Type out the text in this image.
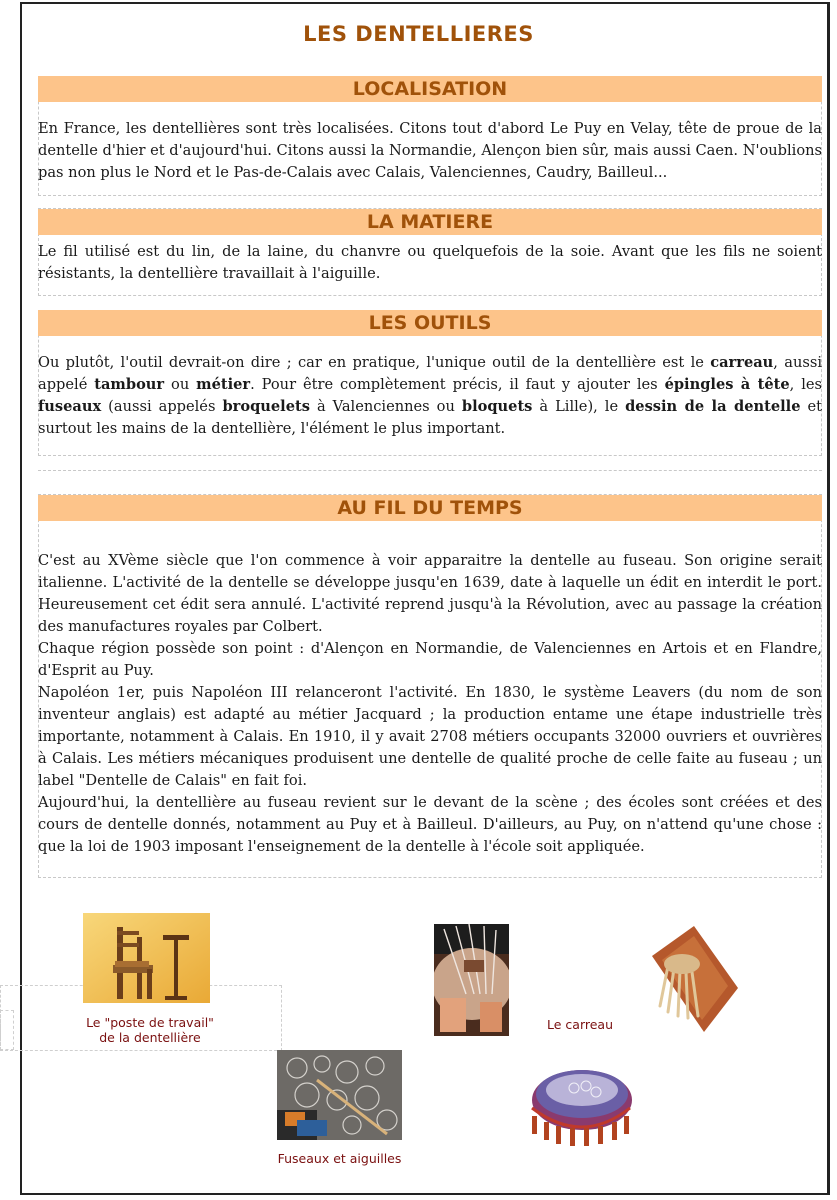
LES DENTELLIERES
LOCALISATION
En France, les dentellières sont très localisées. Citons tout d'abord Le Puy en Velay, tête de proue de la dentelle d'hier et d'aujourd'hui. Citons aussi la Normandie, Alençon bien sûr, mais aussi Caen. N'oublions pas non plus le Nord et le Pas-de-Calais avec Calais, Valenciennes, Caudry, Bailleul...
LA MATIERE
Le fil utilisé est du lin, de la laine, du chanvre ou quelquefois de la soie. Avant que les fils ne soient résistants, la dentellière travaillait à l'aiguille.
LES OUTILS
Ou plutôt, l'outil devrait-on dire ; car en pratique, l'unique outil de la dentellière est le carreau, aussi appelé tambour ou métier. Pour être complètement précis, il faut y ajouter les épingles à tête, les fuseaux (aussi appelés broquelets à Valenciennes ou bloquets à Lille), le dessin de la dentelle et surtout les mains de la dentellière, l'élément le plus important.
AU FIL DU TEMPS

C'est au XVème siècle que l'on commence à voir apparaitre la dentelle au fuseau. Son origine serait italienne. L'activité de la dentelle se développe jusqu'en 1639, date à laquelle un édit en interdit le port. Heureusement cet édit sera annulé. L'activité reprend jusqu'à la Révolution, avec au passage la création des manufactures royales par Colbert.

Chaque région possède son point : d'Alençon en Normandie, de Valenciennes en Artois et en Flandre, d'Esprit au Puy.

Napoléon 1er, puis Napoléon III relanceront l'activité. En 1830, le système Leavers (du nom de son inventeur anglais) est adapté au métier Jacquard ; la production entame une étape industrielle très importante, notamment à Calais. En 1910, il y avait 2708 métiers occupants 32000 ouvriers et ouvrières à Calais. Les métiers mécaniques produisent une dentelle de qualité proche de celle faite au fuseau ; un label "Dentelle de Calais" en fait foi.

Aujourd'hui, la dentellière au fuseau revient sur le devant de la scène ; des écoles sont créées et des cours de dentelle donnés, notamment au Puy et à Bailleul. D'ailleurs, au Puy, on n'attend qu'une chose : que la loi de 1903 imposant l'enseignement de la dentelle à l'école soit appliquée.

Le "poste de travail"
de la dentellière
Le carreau
Fuseaux et aiguilles
